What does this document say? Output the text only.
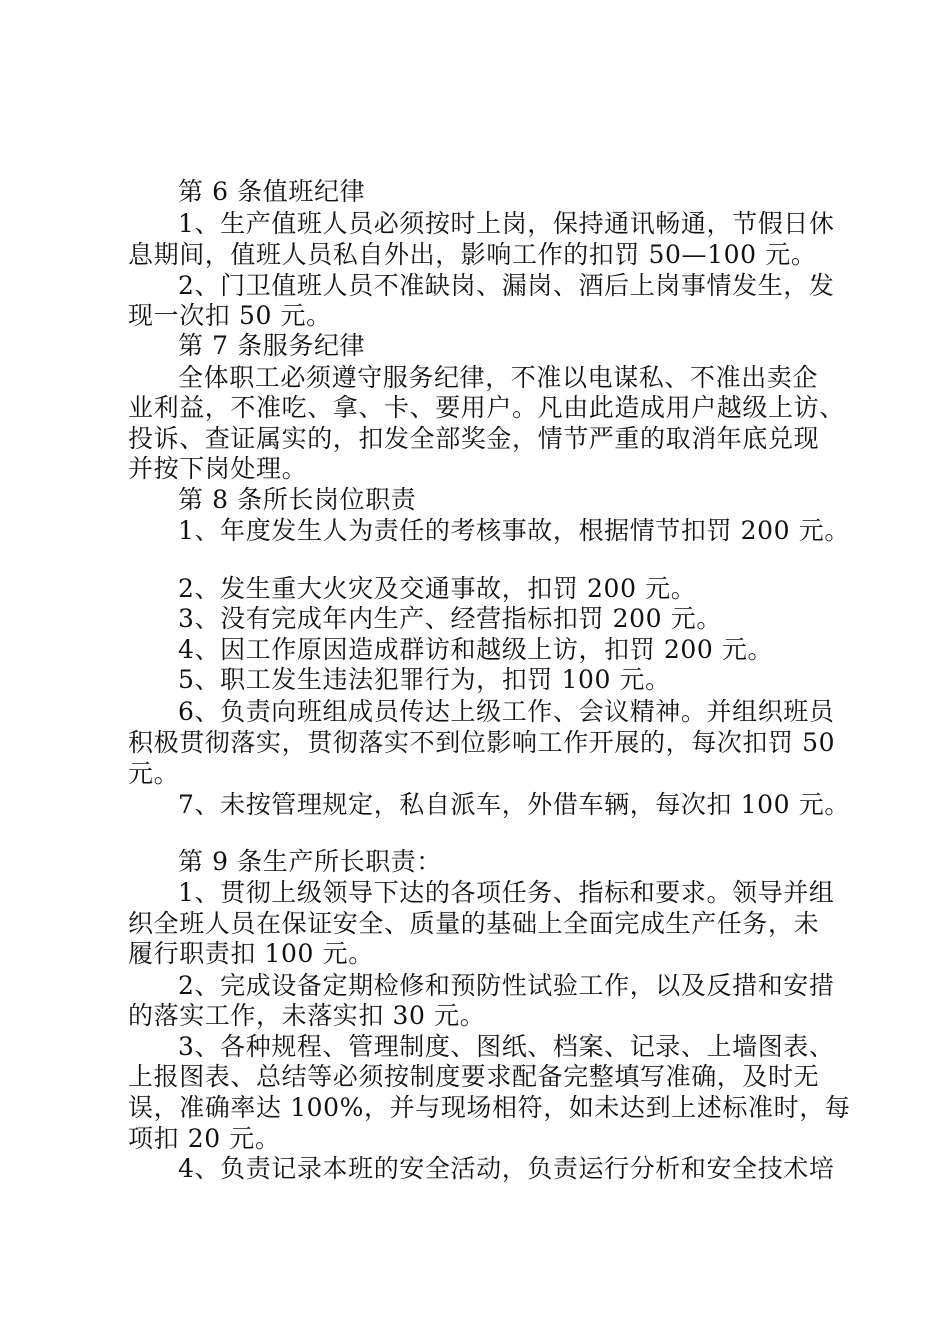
第 6 条值班纪律
1、生产值班人员必须按时上岗，保持通讯畅通，节假日休
息期间，值班人员私自外出，影响工作的扣罚 50—100 元。
2、门卫值班人员不准缺岗、漏岗、酒后上岗事情发生，发
现一次扣 50 元。
第 7 条服务纪律
全体职工必须遵守服务纪律，不准以电谋私、不准出卖企
业利益，不准吃、拿、卡、要用户。凡由此造成用户越级上访、
投诉、查证属实的，扣发全部奖金，情节严重的取消年底兑现
并按下岗处理。
第 8 条所长岗位职责
1、年度发生人为责任的考核事故，根据情节扣罚 200 元。
2、发生重大火灾及交通事故，扣罚 200 元。
3、没有完成年内生产、经营指标扣罚 200 元。
4、因工作原因造成群访和越级上访，扣罚 200 元。
5、职工发生违法犯罪行为，扣罚 100 元。
6、负责向班组成员传达上级工作、会议精神。并组织班员
积极贯彻落实，贯彻落实不到位影响工作开展的，每次扣罚 50
元。
7、未按管理规定，私自派车，外借车辆，每次扣 100 元。
第 9 条生产所长职责：
1、贯彻上级领导下达的各项任务、指标和要求。领导并组
织全班人员在保证安全、质量的基础上全面完成生产任务，未
履行职责扣 100 元。
2、完成设备定期检修和预防性试验工作，以及反措和安措
的落实工作，未落实扣 30 元。
3、各种规程、管理制度、图纸、档案、记录、上墙图表、
上报图表、总结等必须按制度要求配备完整填写准确，及时无
误，准确率达 100%，并与现场相符，如未达到上述标准时，每
项扣 20 元。
4、负责记录本班的安全活动，负责运行分析和安全技术培
